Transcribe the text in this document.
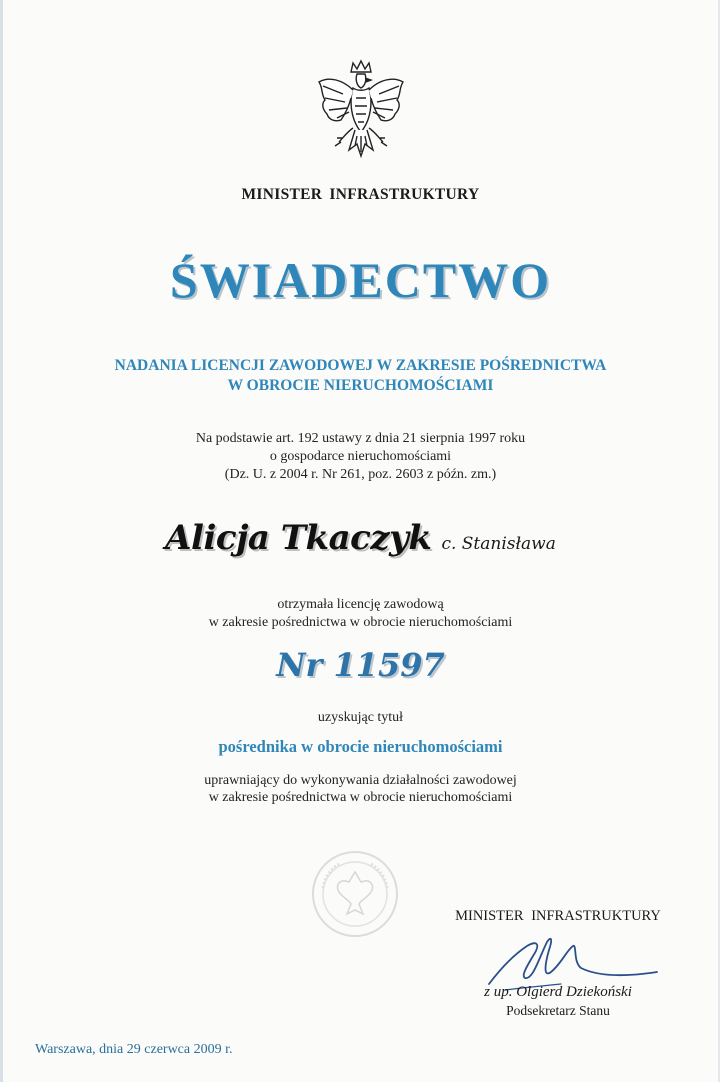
MINISTER INFRASTRUKTURY
ŚWIADECTWO
NADANIA LICENCJI ZAWODOWEJ W ZAKRESIE POŚREDNICTWA
W OBROCIE NIERUCHOMOŚCIAMI
Na podstawie art. 192 ustawy z dnia 21 sierpnia 1997 roku
o gospodarce nieruchomościami
(Dz. U. z 2004 r. Nr 261, poz. 2603 z późn. zm.)
Alicja Tkaczyk c. Stanisława
otrzymała licencję zawodową
w zakresie pośrednictwa w obrocie nieruchomościami
Nr 11597
uzyskując tytuł
pośrednika w obrocie nieruchomościami
uprawniający do wykonywania działalności zawodowej
w zakresie pośrednictwa w obrocie nieruchomościami
MINISTER INFRASTRUKTURY
z up. Olgierd Dziekoński
Podsekretarz Stanu
Warszawa, dnia 29 czerwca 2009 r.
